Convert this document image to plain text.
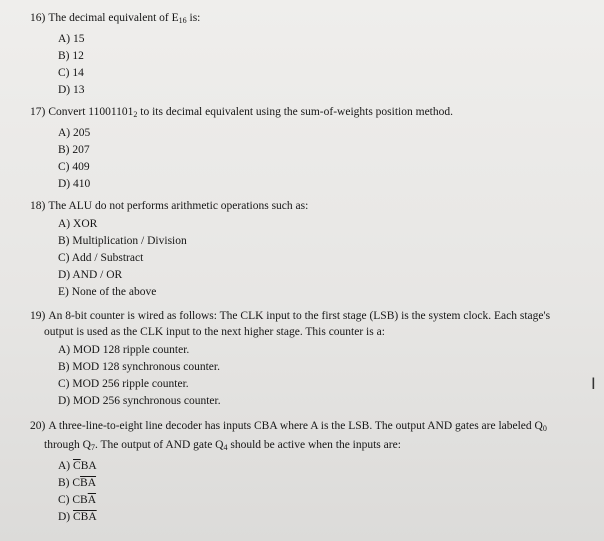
16) The decimal equivalent of $E_{16}$ is:

A) 15
B) 12
C) 14
D) 13

17) Convert $11001101_2$ to its decimal equivalent using the sum-of-weights position method.

A) 205
B) 207
C) 409
D) 410

18) The ALU do not performs arithmetic operations such as:

A) XOR
B) Multiplication / Division
C) Add / Substract
D) AND / OR
E) None of the above

19) An 8-bit counter is wired as follows: The CLK input to the first stage (LSB) is the system clock. Each stage's
output is used as the CLK input to the next higher stage. This counter is a:

A) MOD 128 ripple counter.
B) MOD 128 synchronous counter.
C) MOD 256 ripple counter.
D) MOD 256 synchronous counter.

20) A three-line-to-eight line decoder has inputs CBA where A is the LSB. The output AND gates are labeled $Q_0$
through $Q_7$. The output of AND gate $Q_4$ should be active when the inputs are:

A) $\overline{C}BA$
B) $C\overline{BA}$
C) $CB\overline{A}$
D) $\overline{CB}\overline{A}$
I
